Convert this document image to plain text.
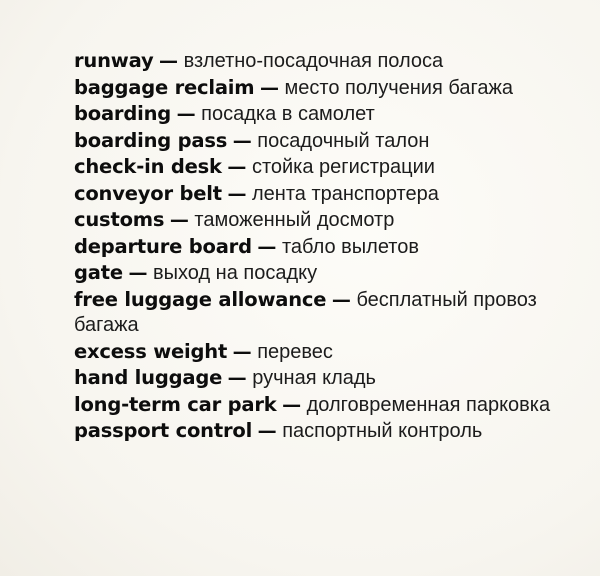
runway — взлетно-посадочная полоса
baggage reclaim — место получения багажа
boarding — посадка в самолет
boarding pass — посадочный талон
check-in desk — стойка регистрации
conveyor belt — лента транспортера
customs — таможенный досмотр
departure board — табло вылетов
gate — выход на посадку
free luggage allowance — бесплатный провоз багажа
excess weight — перевес
hand luggage — ручная кладь
long-term car park — долговременная парковка
passport control — паспортный контроль
